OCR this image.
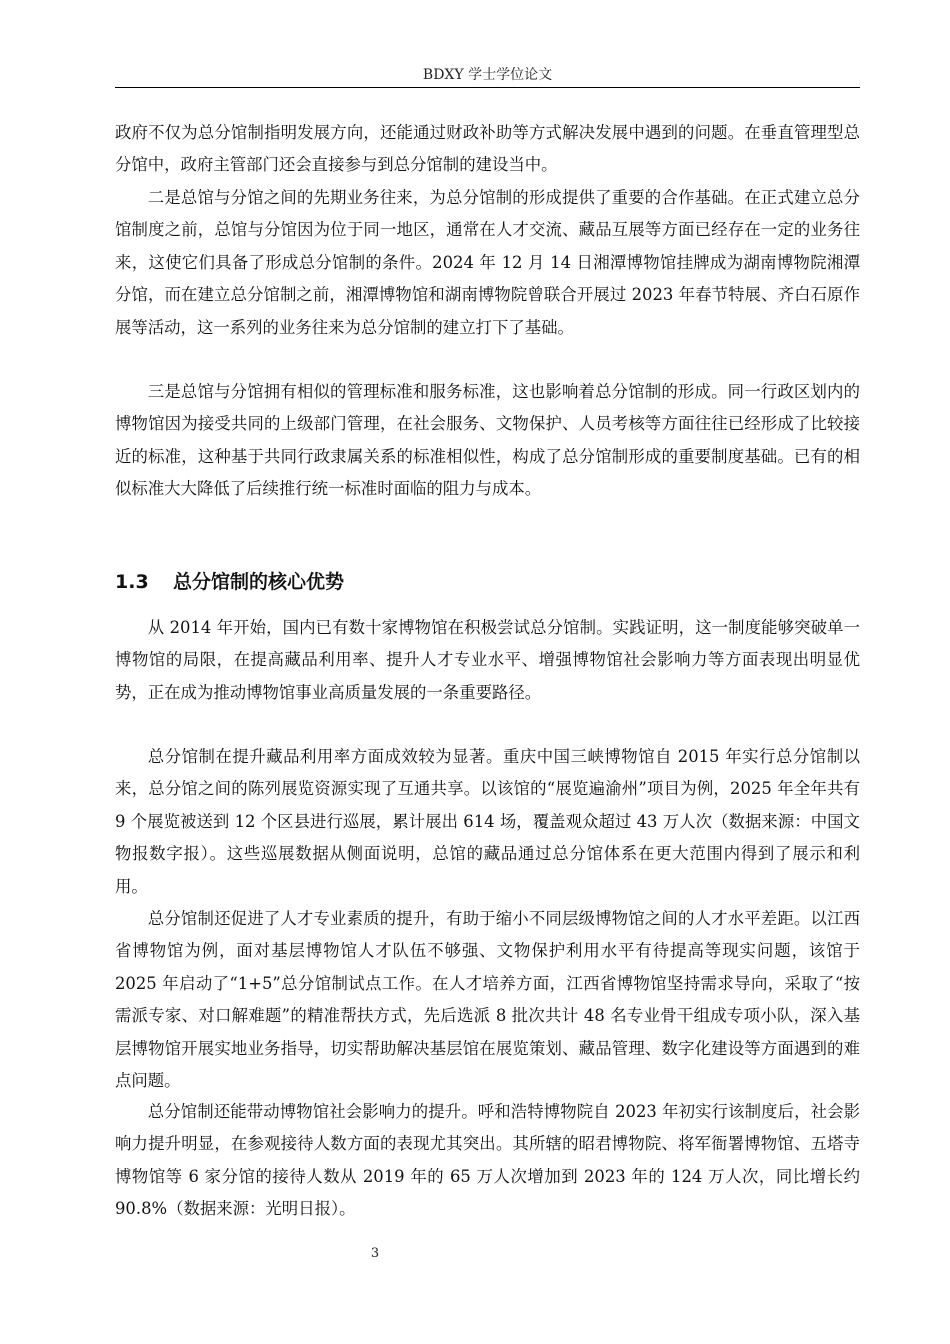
BDXY 学士学位论文

政府不仅为总分馆制指明发展方向，还能通过财政补助等方式解决发展中遇到的问题。在垂直管理型总分馆中，政府主管部门还会直接参与到总分馆制的建设当中。

二是总馆与分馆之间的先期业务往来，为总分馆制的形成提供了重要的合作基础。在正式建立总分馆制度之前，总馆与分馆因为位于同一地区，通常在人才交流、藏品互展等方面已经存在一定的业务往来，这使它们具备了形成总分馆制的条件。2024 年 12 月 14 日湘潭博物馆挂牌成为湖南博物院湘潭分馆，而在建立总分馆制之前，湘潭博物馆和湖南博物院曾联合开展过 2023 年春节特展、齐白石原作展等活动，这一系列的业务往来为总分馆制的建立打下了基础。

三是总馆与分馆拥有相似的管理标准和服务标准，这也影响着总分馆制的形成。同一行政区划内的博物馆因为接受共同的上级部门管理，在社会服务、文物保护、人员考核等方面往往已经形成了比较接近的标准，这种基于共同行政隶属关系的标准相似性，构成了总分馆制形成的重要制度基础。已有的相似标准大大降低了后续推行统一标准时面临的阻力与成本。

1.3 总分馆制的核心优势

从 2014 年开始，国内已有数十家博物馆在积极尝试总分馆制。实践证明，这一制度能够突破单一博物馆的局限，在提高藏品利用率、提升人才专业水平、增强博物馆社会影响力等方面表现出明显优势，正在成为推动博物馆事业高质量发展的一条重要路径。

总分馆制在提升藏品利用率方面成效较为显著。重庆中国三峡博物馆自 2015 年实行总分馆制以来，总分馆之间的陈列展览资源实现了互通共享。以该馆的“展览遍渝州”项目为例，2025 年全年共有 9 个展览被送到 12 个区县进行巡展，累计展出 614 场，覆盖观众超过 43 万人次（数据来源：中国文物报数字报）。这些巡展数据从侧面说明，总馆的藏品通过总分馆体系在更大范围内得到了展示和利用。

总分馆制还促进了人才专业素质的提升，有助于缩小不同层级博物馆之间的人才水平差距。以江西省博物馆为例，面对基层博物馆人才队伍不够强、文物保护利用水平有待提高等现实问题，该馆于 2025 年启动了“1+5”总分馆制试点工作。在人才培养方面，江西省博物馆坚持需求导向，采取了“按需派专家、对口解难题”的精准帮扶方式，先后选派 8 批次共计 48 名专业骨干组成专项小队，深入基层博物馆开展实地业务指导，切实帮助解决基层馆在展览策划、藏品管理、数字化建设等方面遇到的难点问题。

总分馆制还能带动博物馆社会影响力的提升。呼和浩特博物院自 2023 年初实行该制度后，社会影响力提升明显，在参观接待人数方面的表现尤其突出。其所辖的昭君博物院、将军衙署博物馆、五塔寺博物馆等 6 家分馆的接待人数从 2019 年的 65 万人次增加到 2023 年的 124 万人次，同比增长约 90.8%（数据来源：光明日报）。

3
